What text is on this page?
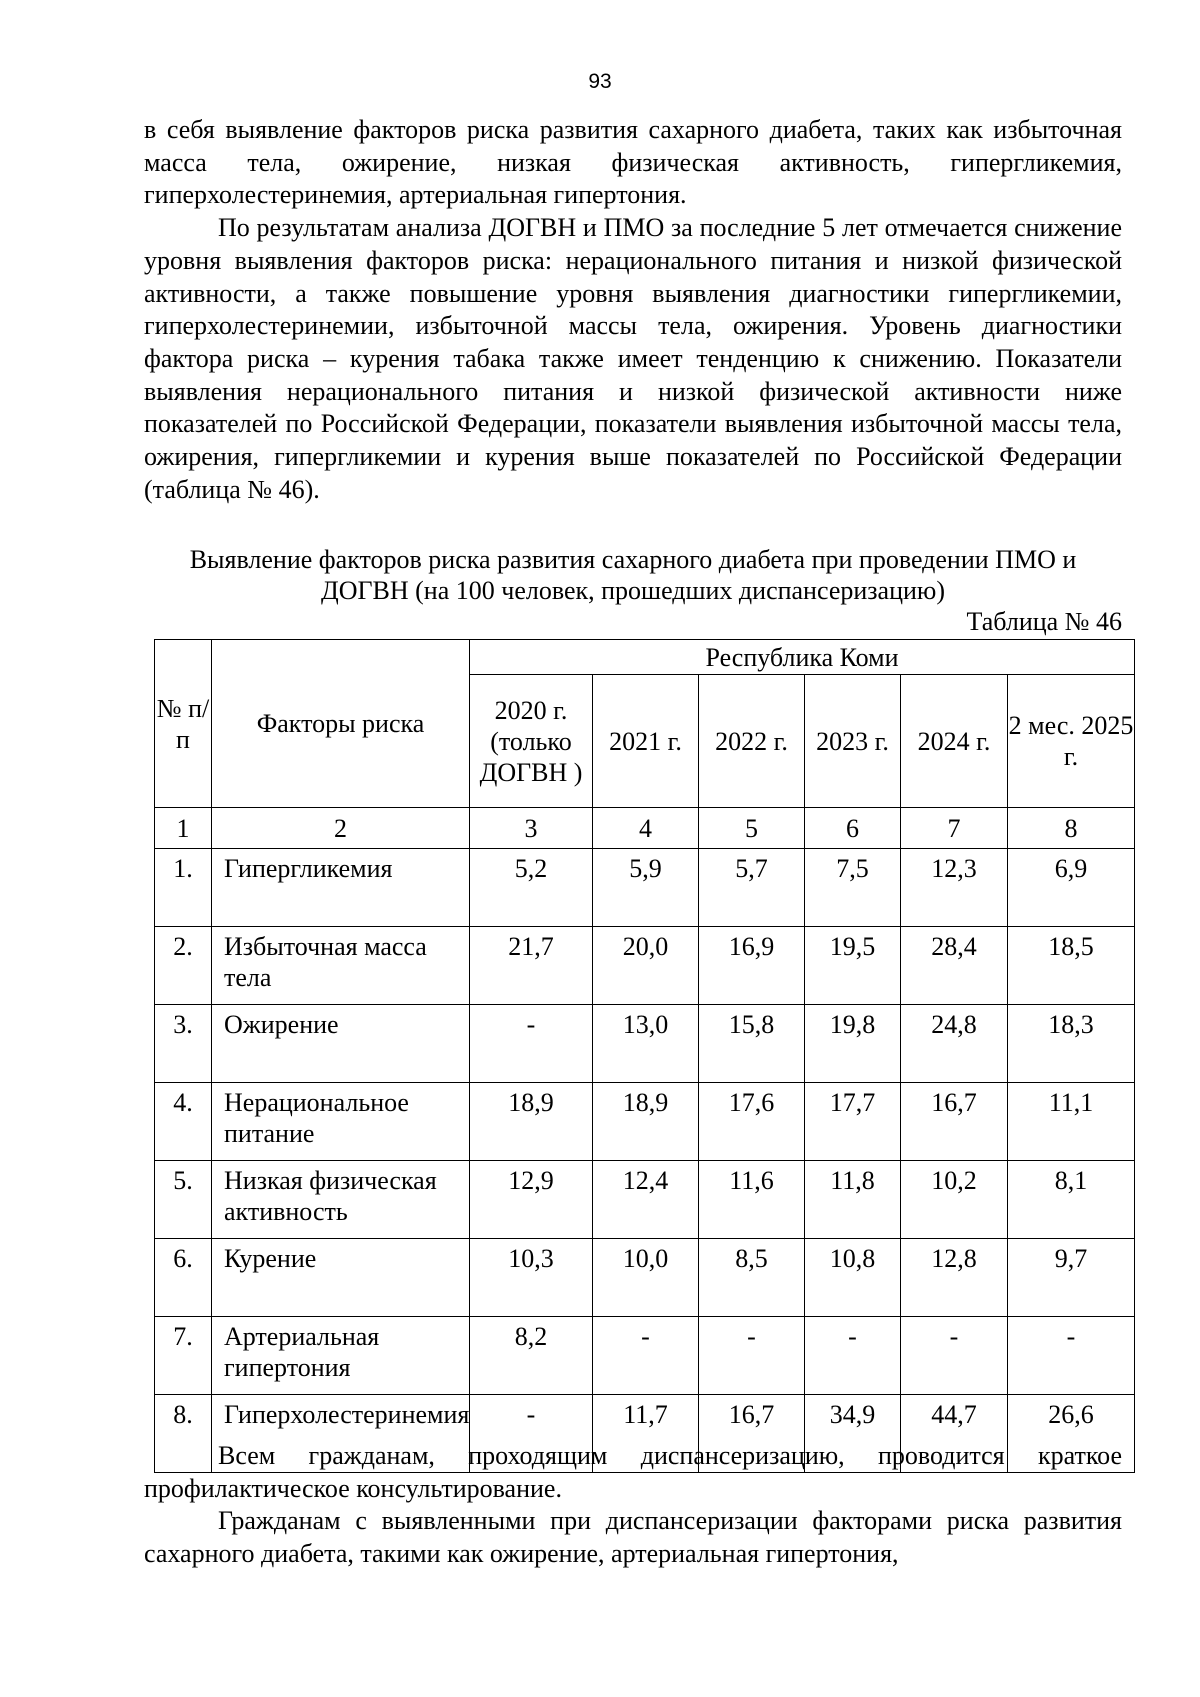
93

в себя выявление факторов риска развития сахарного диабета, таких как избыточная масса тела, ожирение, низкая физическая активность, гипергликемия, гиперхолестеринемия, артериальная гипертония.

По результатам анализа ДОГВН и ПМО за последние 5 лет отмечается снижение уровня выявления факторов риска: нерационального питания и низкой физической активности, а также повышение уровня выявления диагностики гипергликемии, гиперхолестеринемии, избыточной массы тела, ожирения. Уровень диагностики фактора риска – курения табака также имеет тенденцию к снижению. Показатели выявления нерационального питания и низкой физической активности ниже показателей по Российской Федерации, показатели выявления избыточной массы тела, ожирения, гипергликемии и курения выше показателей по Российской Федерации (таблица № 46).

Выявление факторов риска развития сахарного диабета при проведении ПМО и ДОГВН (на 100 человек, прошедших диспансеризацию)
Таблица № 46
№ п/п	Факторы риска	Республика Коми					
		2020 г. (только ДОГВН )	2021 г.	2022 г.	2023 г.	2024 г.	2 мес. 2025 г.
1	2	3	4	5	6	7	8
1.	Гипергликемия	5,2	5,9	5,7	7,5	12,3	6,9
2.	Избыточная масса тела	21,7	20,0	16,9	19,5	28,4	18,5
3.	Ожирение	-	13,0	15,8	19,8	24,8	18,3
4.	Нерациональное питание	18,9	18,9	17,6	17,7	16,7	11,1
5.	Низкая физическая активность	12,9	12,4	11,6	11,8	10,2	8,1
6.	Курение	10,3	10,0	8,5	10,8	12,8	9,7
7.	Артериальная гипертония	8,2	-	-	-	-	-
8.	Гиперхолестеринемия	-	11,7	16,7	34,9	44,7	26,6

Всем гражданам, проходящим диспансеризацию, проводится краткое профилактическое консультирование.

Гражданам с выявленными при диспансеризации факторами риска развития сахарного диабета, такими как ожирение, артериальная гипертония,
